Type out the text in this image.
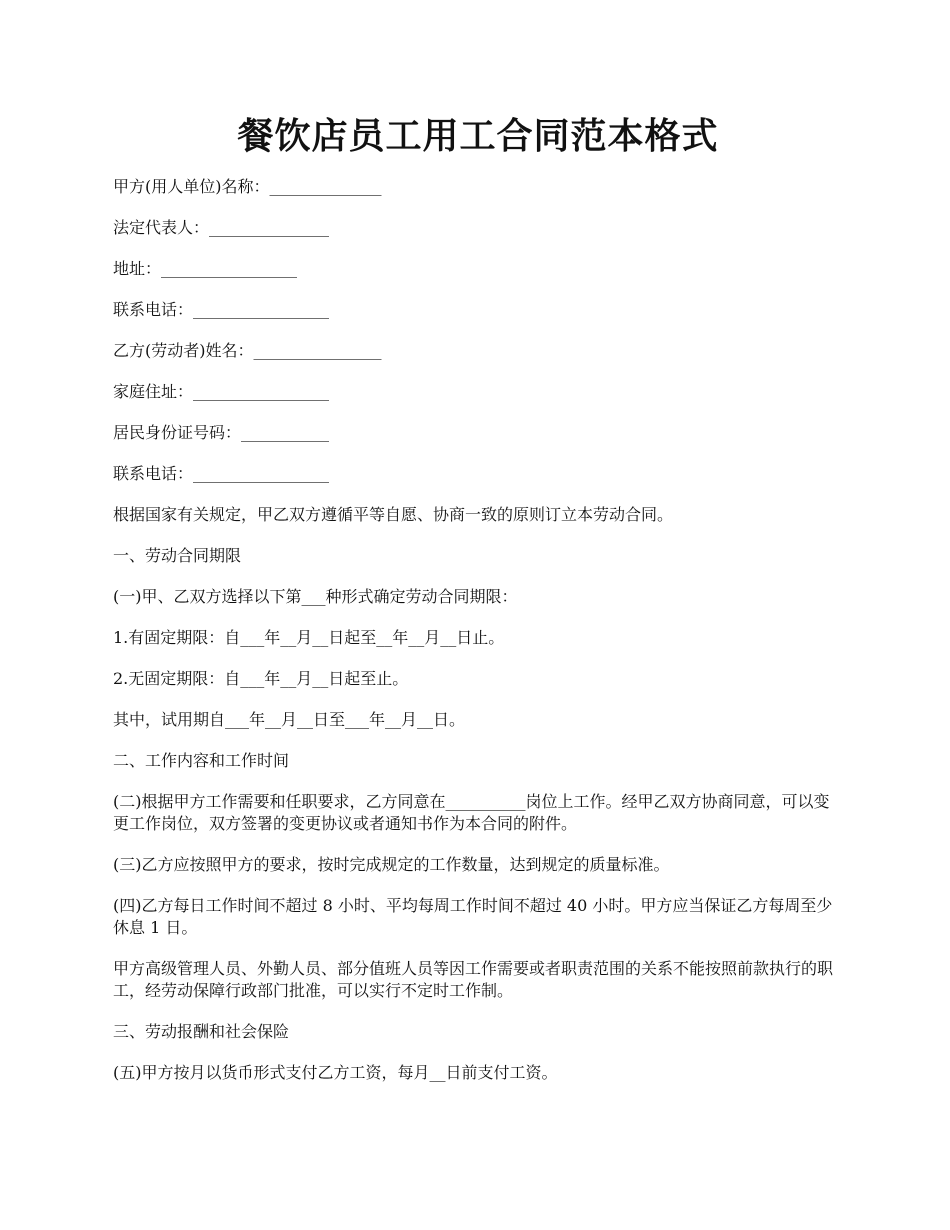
餐饮店员工用工合同范本格式

甲方(用人单位)名称：______________

法定代表人：_______________

地址：_________________

联系电话：_________________

乙方(劳动者)姓名：________________

家庭住址：_________________

居民身份证号码：___________

联系电话：_________________

根据国家有关规定，甲乙双方遵循平等自愿、协商一致的原则订立本劳动合同。

一、劳动合同期限

(一)甲、乙双方选择以下第___种形式确定劳动合同期限：

1.有固定期限：自___年__月__日起至__年__月__日止。

2.无固定期限：自___年__月__日起至止。

其中，试用期自___年__月__日至___年__月__日。

二、工作内容和工作时间

(二)根据甲方工作需要和任职要求，乙方同意在__________岗位上工作。经甲乙双方协商同意，可以变更工作岗位，双方签署的变更协议或者通知书作为本合同的附件。

(三)乙方应按照甲方的要求，按时完成规定的工作数量，达到规定的质量标准。

(四)乙方每日工作时间不超过 8 小时、平均每周工作时间不超过 40 小时。甲方应当保证乙方每周至少休息 1 日。

甲方高级管理人员、外勤人员、部分值班人员等因工作需要或者职责范围的关系不能按照前款执行的职工，经劳动保障行政部门批准，可以实行不定时工作制。

三、劳动报酬和社会保险

(五)甲方按月以货币形式支付乙方工资，每月__日前支付工资。
